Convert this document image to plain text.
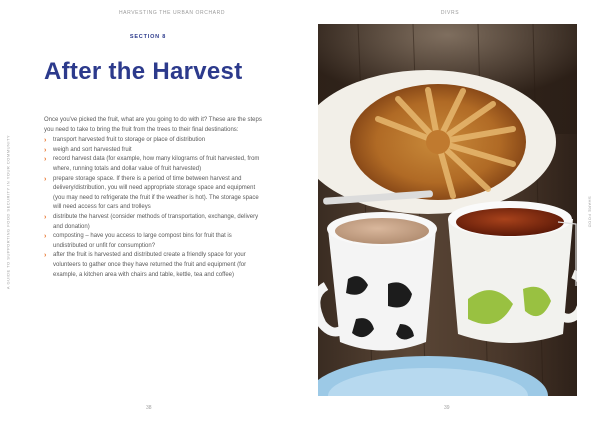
HARVESTING THE URBAN ORCHARD	DIVRS
A GUIDE TO SUPPORTING FOOD SECURITY IN YOUR COMMUNITY	SHARE FOOD
SECTION 8
After the Harvest

Once you've picked the fruit, what are you going to do with it? These are the steps you need to take to bring the fruit from the trees to their final destinations:

› transport harvested fruit to storage or place of distribution
› weigh and sort harvested fruit
› record harvest data (for example, how many kilograms of fruit harvested, from where, running totals and dollar value of fruit harvested)
› prepare storage space. If there is a period of time between harvest and delivery/distribution, you will need appropriate storage space and equipment (you may need to refrigerate the fruit if the weather is hot). The storage space will need access for cars and trolleys
› distribute the harvest (consider methods of transportation, exchange, delivery and donation)
› composting – have you access to large compost bins for fruit that is undistributed or unfit for consumption?
› after the fruit is harvested and distributed create a friendly space for your volunteers to gather once they have returned the fruit and equipment (for example, a kitchen area with chairs and table, kettle, tea and coffee)
38	39
